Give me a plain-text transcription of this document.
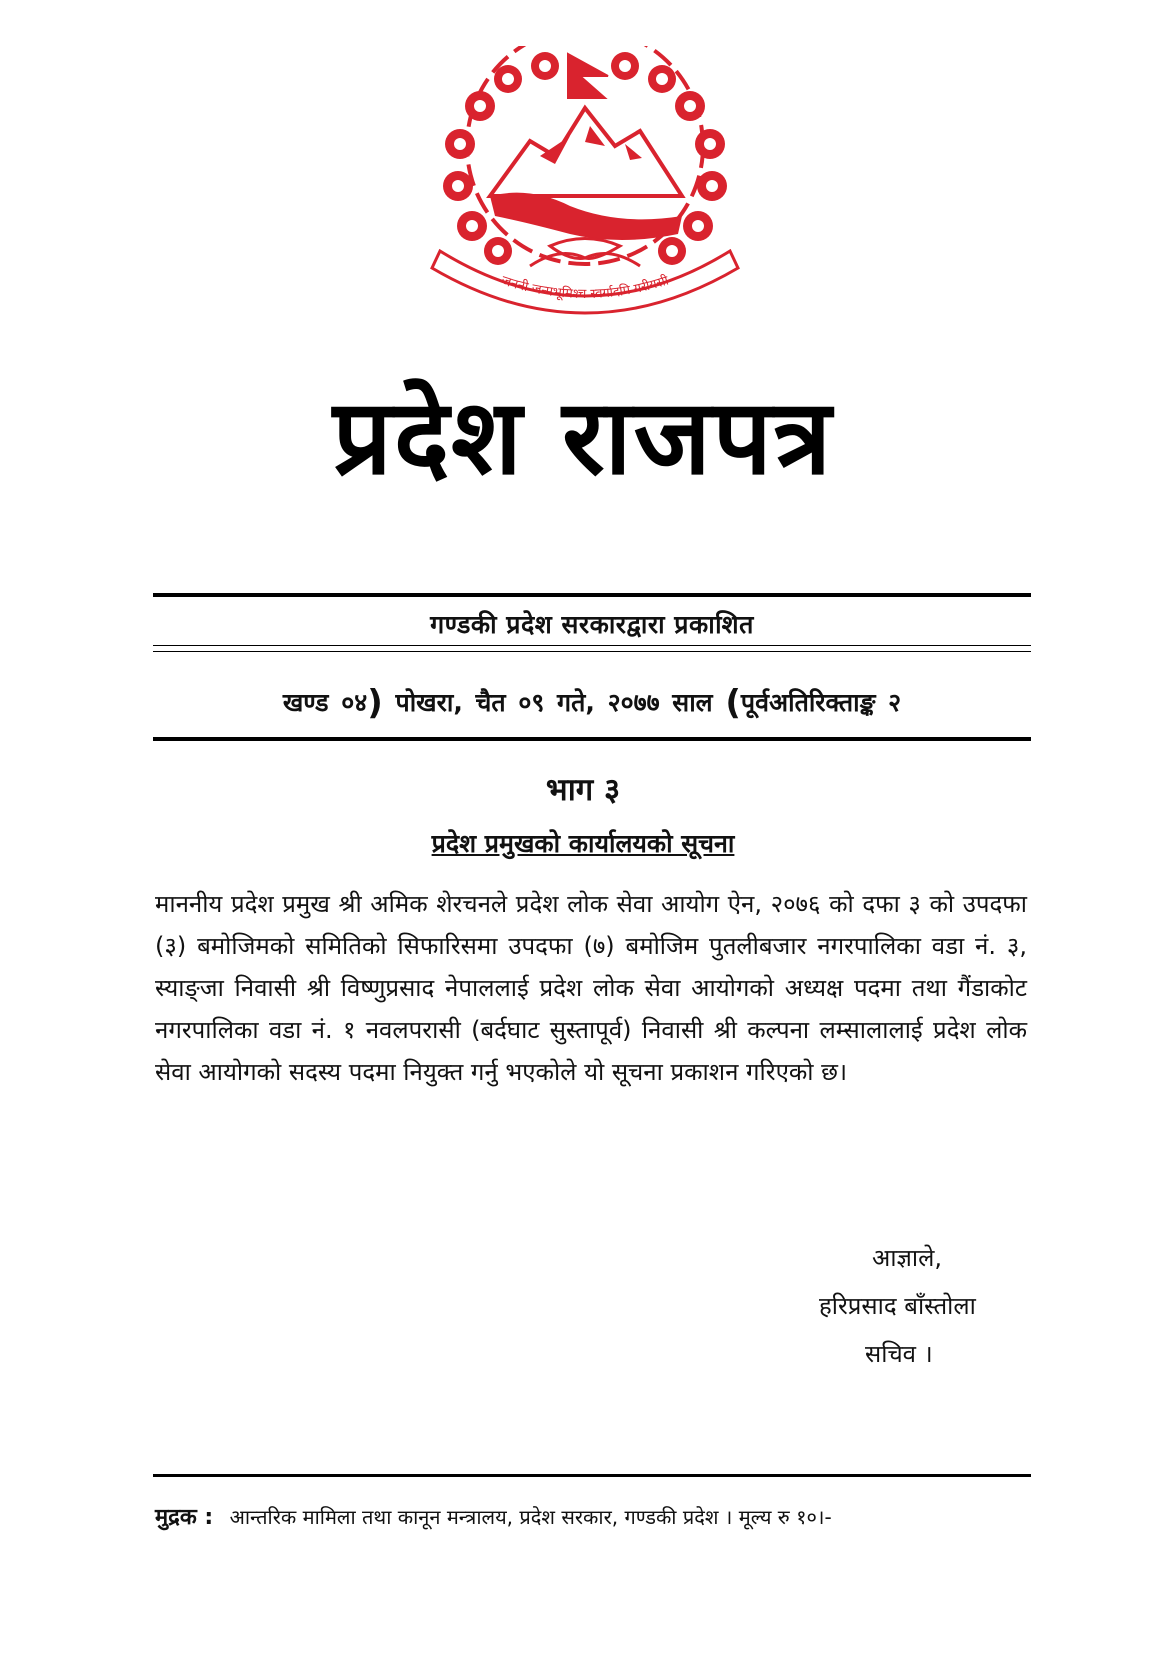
जननी जन्मभूमिश्च स्वर्गादपि गरीयसी
प्रदेश राजपत्र
गण्डकी प्रदेश सरकारद्वारा प्रकाशित
खण्ड ०४) पोखरा, चैत ०९ गते, २०७७ साल (पूर्वअतिरिक्ताङ्क २
भाग ३
प्रदेश प्रमुखको कार्यालयको सूचना
माननीय प्रदेश प्रमुख श्री अमिक शेरचनले प्रदेश लोक सेवा आयोग ऐन, २०७६ को दफा ३ को उपदफा (३) बमोजिमको समितिको सिफारिसमा उपदफा (७) बमोजिम पुतलीबजार नगरपालिका वडा नं. ३, स्याङ्जा निवासी श्री विष्णुप्रसाद नेपाललाई प्रदेश लोक सेवा आयोगको अध्यक्ष पदमा तथा गैंडाकोट नगरपालिका वडा नं. १ नवलपरासी (बर्दघाट सुस्तापूर्व) निवासी श्री कल्पना लम्सालालाई प्रदेश लोक सेवा आयोगको सदस्य पदमा नियुक्त गर्नु भएकोले यो सूचना प्रकाशन गरिएको छ।
आज्ञाले,
हरिप्रसाद बाँस्तोला
सचिव ।
मुद्रक : आन्तरिक मामिला तथा कानून मन्त्रालय, प्रदेश सरकार, गण्डकी प्रदेश । मूल्य रु १०।-
